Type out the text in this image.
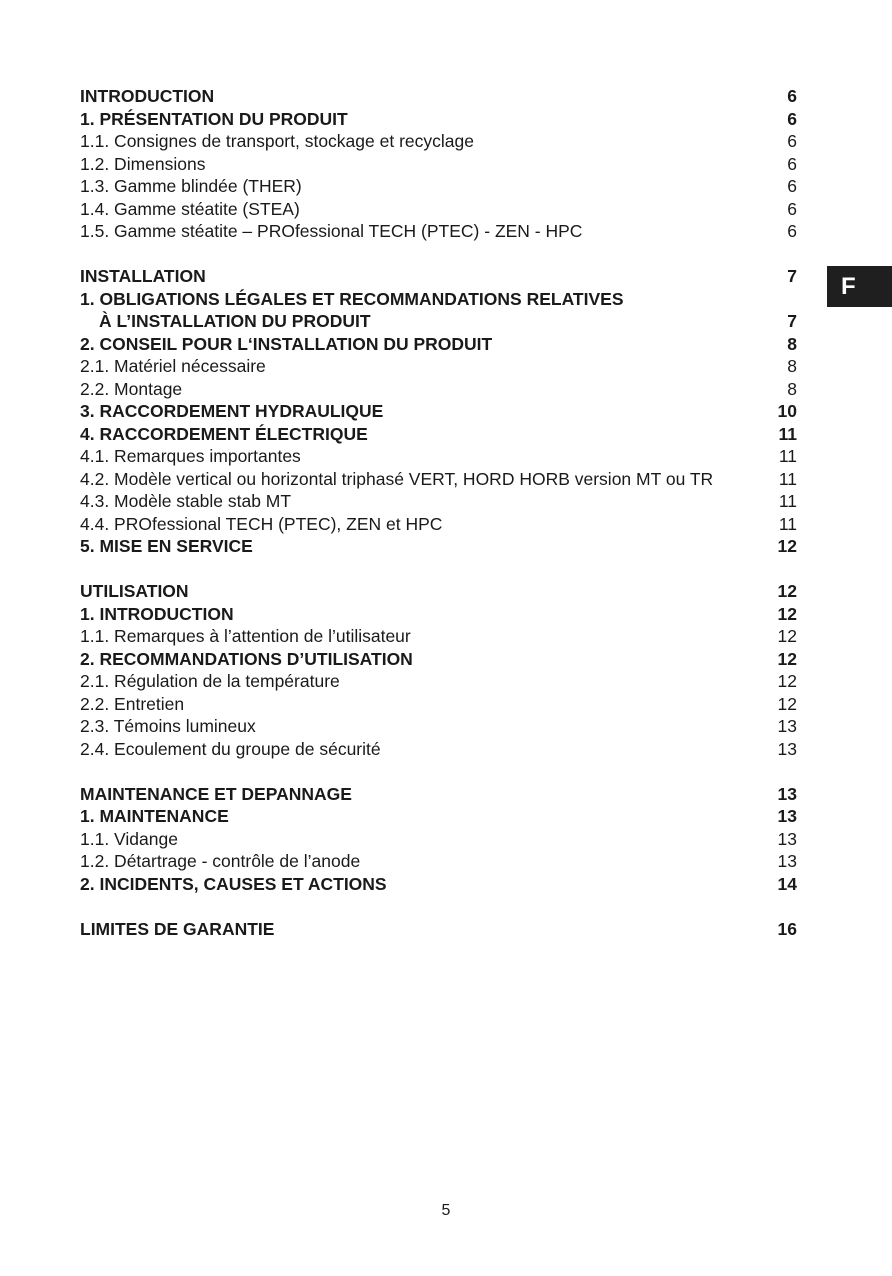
INTRODUCTION	6
1. PRÉSENTATION DU PRODUIT	6
1.1. Consignes de transport, stockage et recyclage	6
1.2. Dimensions	6
1.3. Gamme blindée (THER)	6
1.4. Gamme stéatite (STEA)	6
1.5. Gamme stéatite – PROfessional TECH (PTEC) - ZEN - HPC	6
INSTALLATION	7
1. OBLIGATIONS LÉGALES ET RECOMMANDATIONS RELATIVES
À L’INSTALLATION DU PRODUIT	7
2. CONSEIL POUR L‘INSTALLATION DU PRODUIT	8
2.1. Matériel nécessaire	8
2.2. Montage	8
3. RACCORDEMENT HYDRAULIQUE	10
4. RACCORDEMENT ÉLECTRIQUE	11
4.1. Remarques importantes	11
4.2. Modèle vertical ou horizontal triphasé VERT, HORD HORB version MT ou TR	11
4.3. Modèle stable stab MT	11
4.4. PROfessional TECH (PTEC), ZEN et HPC	11
5. MISE EN SERVICE	12
UTILISATION	12
1. INTRODUCTION	12
1.1. Remarques à l’attention de l’utilisateur	12
2. RECOMMANDATIONS D’UTILISATION	12
2.1. Régulation de la température	12
2.2. Entretien	12
2.3. Témoins lumineux	13
2.4. Ecoulement du groupe de sécurité	13
MAINTENANCE ET DEPANNAGE	13
1. MAINTENANCE	13
1.1. Vidange	13
1.2. Détartrage - contrôle de l’anode	13
2. INCIDENTS, CAUSES ET ACTIONS	14
LIMITES DE GARANTIE	16
F
5
